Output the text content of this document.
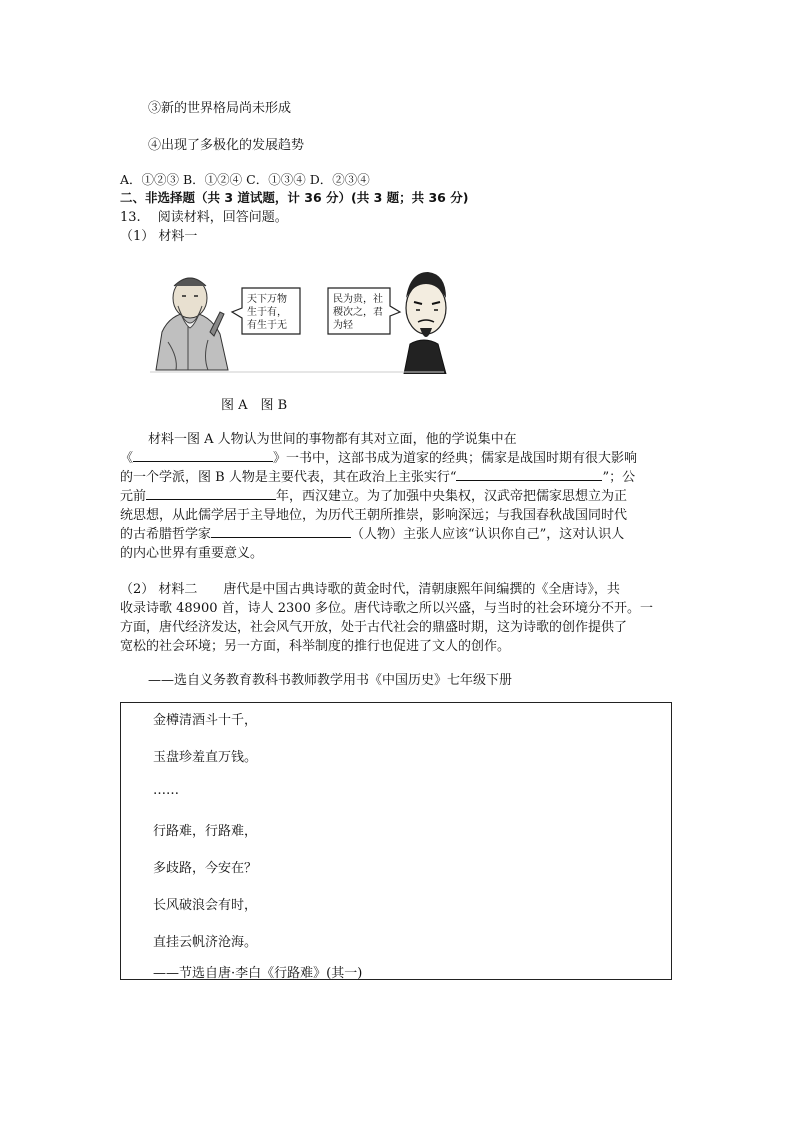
③新的世界格局尚未形成
④出现了多极化的发展趋势
A．①②③ B．①②④ C．①③④ D．②③④
二、非选择题（共 3 道试题，计 36 分）(共 3 题；共 36 分)
13.　 阅读材料，回答问题。
（1） 材料一
天下万物
生于有，
有生于无
民为贵，社
稷次之，君
为轻
图 A　图 B
材料一图 A 人物认为世间的事物都有其对立面，他的学说集中在
《	》一书中，这部书成为道家的经典；儒家是战国时期有很大影响
的一个学派，图 B 人物是主要代表，其在政治上主张实行“	”；公
元前	年，西汉建立。为了加强中央集权，汉武帝把儒家思想立为正
统思想，从此儒学居于主导地位，为历代王朝所推崇，影响深远；与我国春秋战国同时代
的古希腊哲学家	（人物）主张人应该“认识你自己”，这对认识人
的内心世界有重要意义。
（2） 材料二　　唐代是中国古典诗歌的黄金时代，清朝康熙年间编撰的《全唐诗》，共
收录诗歌 48900 首，诗人 2300 多位。唐代诗歌之所以兴盛，与当时的社会环境分不开。一
方面，唐代经济发达，社会风气开放，处于古代社会的鼎盛时期，这为诗歌的创作提供了
宽松的社会环境；另一方面，科举制度的推行也促进了文人的创作。
——选自义务教育教科书教师教学用书《中国历史》七年级下册
金樽清酒斗十千，
玉盘珍羞直万钱。
……
行路难，行路难，
多歧路，今安在？
长风破浪会有时，
直挂云帆济沧海。
——节选自唐·李白《行路难》(其一)
